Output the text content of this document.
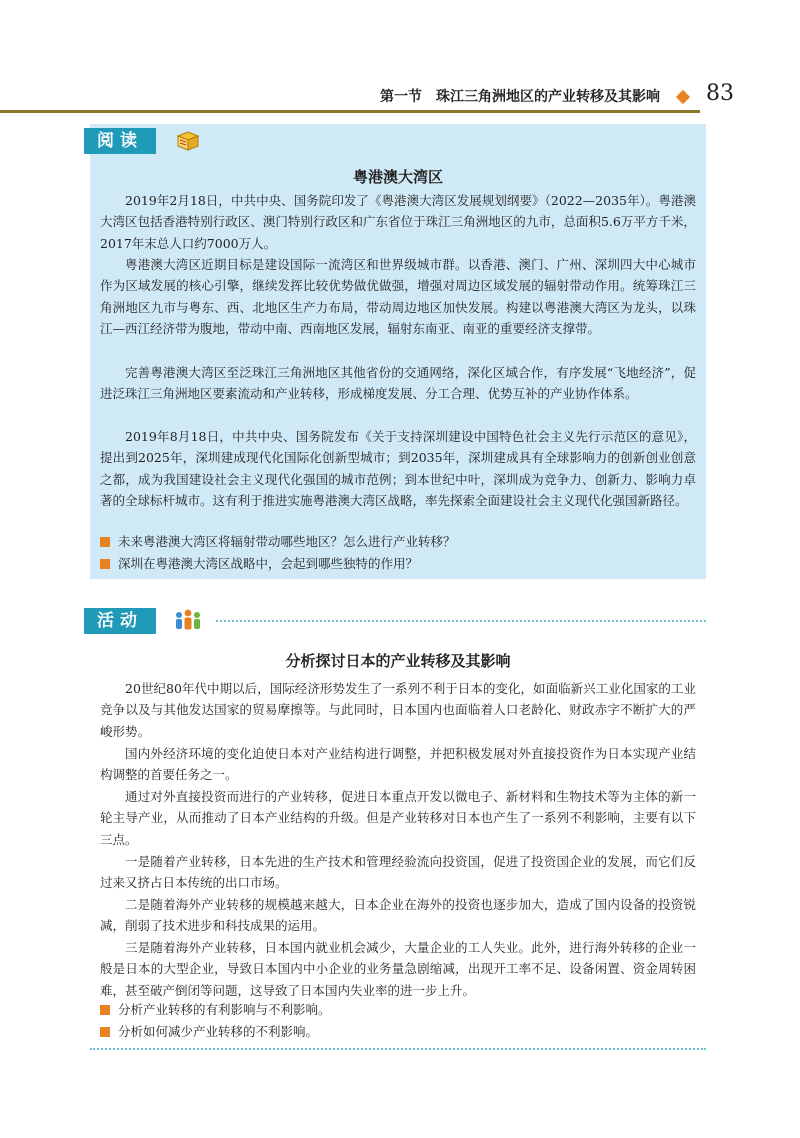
第一节　珠江三角洲地区的产业转移及其影响 83
阅读
粤港澳大湾区

2019年2月18日，中共中央、国务院印发了《粤港澳大湾区发展规划纲要》（2022—2035年）。粤港澳大湾区包括香港特别行政区、澳门特别行政区和广东省位于珠江三角洲地区的九市，总面积5.6万平方千米，2017年末总人口约7000万人。

粤港澳大湾区近期目标是建设国际一流湾区和世界级城市群。以香港、澳门、广州、深圳四大中心城市作为区域发展的核心引擎，继续发挥比较优势做优做强，增强对周边区域发展的辐射带动作用。统筹珠江三角洲地区九市与粤东、西、北地区生产力布局，带动周边地区加快发展。构建以粤港澳大湾区为龙头，以珠江—西江经济带为腹地，带动中南、西南地区发展，辐射东南亚、南亚的重要经济支撑带。

完善粤港澳大湾区至泛珠江三角洲地区其他省份的交通网络，深化区域合作，有序发展“飞地经济”，促进泛珠江三角洲地区要素流动和产业转移，形成梯度发展、分工合理、优势互补的产业协作体系。

2019年8月18日，中共中央、国务院发布《关于支持深圳建设中国特色社会主义先行示范区的意见》，提出到2025年，深圳建成现代化国际化创新型城市；到2035年，深圳建成具有全球影响力的创新创业创意之都，成为我国建设社会主义现代化强国的城市范例；到本世纪中叶，深圳成为竞争力、创新力、影响力卓著的全球标杆城市。这有利于推进实施粤港澳大湾区战略，率先探索全面建设社会主义现代化强国新路径。

未来粤港澳大湾区将辐射带动哪些地区？怎么进行产业转移？
深圳在粤港澳大湾区战略中，会起到哪些独特的作用？
活动
分析探讨日本的产业转移及其影响

20世纪80年代中期以后，国际经济形势发生了一系列不利于日本的变化，如面临新兴工业化国家的工业竞争以及与其他发达国家的贸易摩擦等。与此同时，日本国内也面临着人口老龄化、财政赤字不断扩大的严峻形势。

国内外经济环境的变化迫使日本对产业结构进行调整，并把积极发展对外直接投资作为日本实现产业结构调整的首要任务之一。

通过对外直接投资而进行的产业转移，促进日本重点开发以微电子、新材料和生物技术等为主体的新一轮主导产业，从而推动了日本产业结构的升级。但是产业转移对日本也产生了一系列不利影响，主要有以下三点。

一是随着产业转移，日本先进的生产技术和管理经验流向投资国，促进了投资国企业的发展，而它们反过来又挤占日本传统的出口市场。

二是随着海外产业转移的规模越来越大，日本企业在海外的投资也逐步加大，造成了国内设备的投资锐减，削弱了技术进步和科技成果的运用。

三是随着海外产业转移，日本国内就业机会减少，大量企业的工人失业。此外，进行海外转移的企业一般是日本的大型企业，导致日本国内中小企业的业务量急剧缩减，出现开工率不足、设备闲置、资金周转困难，甚至破产倒闭等问题，这导致了日本国内失业率的进一步上升。

分析产业转移的有利影响与不利影响。
分析如何减少产业转移的不利影响。
